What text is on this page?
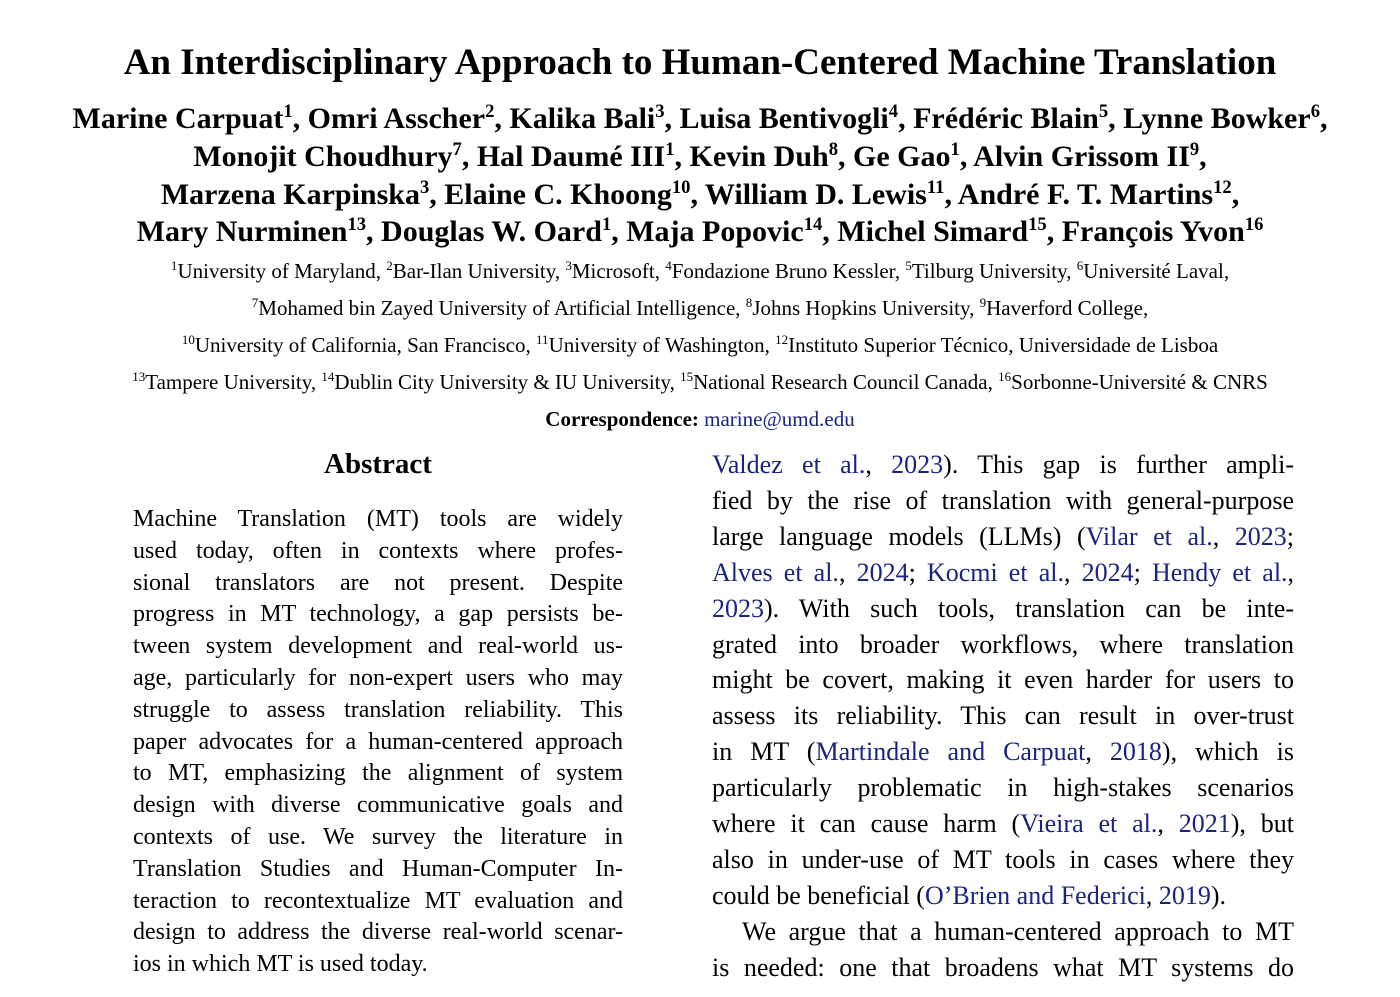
An Interdisciplinary Approach to Human-Centered Machine Translation
Marine Carpuat$^1$, Omri Asscher$^2$, Kalika Bali$^3$, Luisa Bentivogli$^4$, Frédéric Blain$^5$, Lynne Bowker$^6$,
Monojit Choudhury$^7$, Hal Daumé III$^1$, Kevin Duh$^8$, Ge Gao$^1$, Alvin Grissom $II^9$,
Marzena Karpinska$^3$, Elaine C. Khoong$^{10}$, William D. Lewis$^{11}$, André F. T. Martins$^{12}$,
Mary Nurminen$^{13}$, Douglas W. Oard$^1$, Maja Popovic$^{14}$, Michel Simard$^{15}$, François Yvon$^{16}$
$^1$University of Maryland, $^2$Bar-Ilan University, $^3$Microsoft, $^4$Fondazione Bruno Kessler, $^5$Tilburg University, $^6$Université Laval,
$^7$Mohamed bin Zayed University of Artificial Intelligence, $^8$Johns Hopkins University, $^9$Haverford College,
$^{10}$University of California, San Francisco, $^{11}$University of Washington, $^{12}$Instituto Superior Técnico, Universidade de Lisboa
$^{13}$Tampere University, $^{14}$Dublin City University & IU University, $^{15}$National Research Council Canada, $^{16}$Sorbonne-Université & CNRS
Correspondence: marine@umd.edu
Abstract
Machine Translation (MT) tools are widely
used today, often in contexts where profes-
sional translators are not present. Despite
progress in MT technology, a gap persists be-
tween system development and real-world us-
age, particularly for non-expert users who may
struggle to assess translation reliability. This
paper advocates for a human-centered approach
to MT, emphasizing the alignment of system
design with diverse communicative goals and
contexts of use. We survey the literature in
Translation Studies and Human-Computer In-
teraction to recontextualize MT evaluation and
design to address the diverse real-world scenar-
ios in which MT is used today.
Valdez et al., 2023). This gap is further ampli-
fied by the rise of translation with general-purpose
large language models (LLMs) (Vilar et al., 2023;
Alves et al., 2024; Kocmi et al., 2024; Hendy et al.,
2023). With such tools, translation can be inte-
grated into broader workflows, where translation
might be covert, making it even harder for users to
assess its reliability. This can result in over-trust
in MT (Martindale and Carpuat, 2018), which is
particularly problematic in high-stakes scenarios
where it can cause harm (Vieira et al., 2021), but
also in under-use of MT tools in cases where they
could be beneficial (O’Brien and Federici, 2019).
We argue that a human-centered approach to MT
is needed: one that broadens what MT systems do
